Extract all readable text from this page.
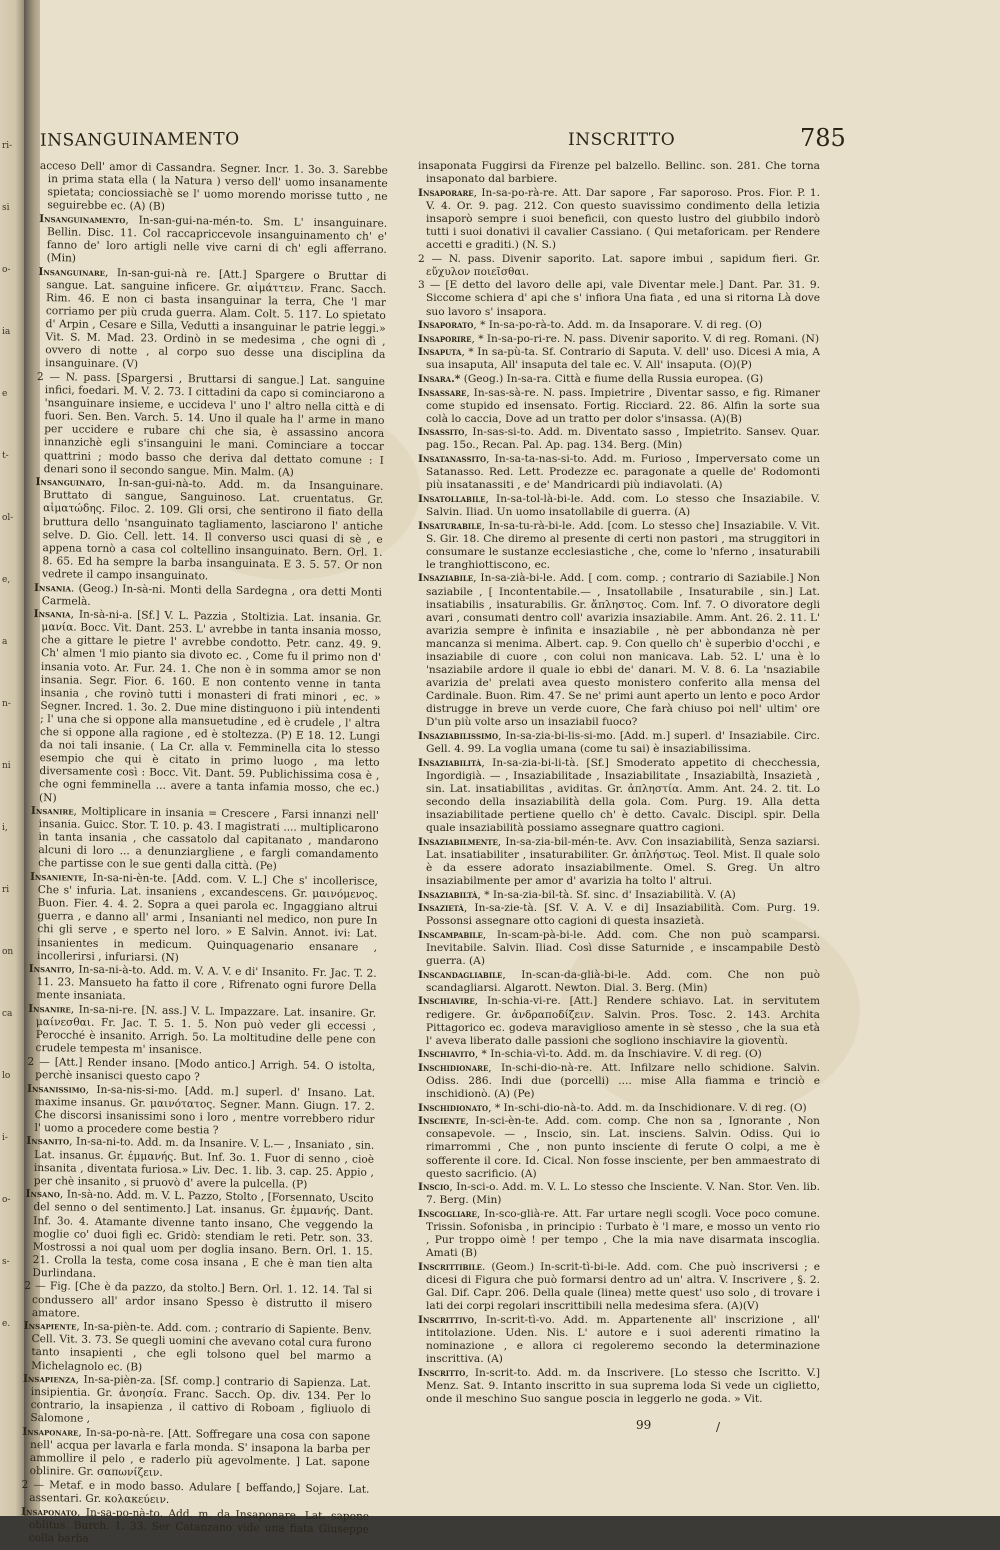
ri-
si
o-
ia
e
t-
ol-
e,
a
n-
ni
i,
ri
on
ca
lo
i-
o-
s-
e.
INSANGUINAMENTO	INSCRITTO	785

acceso Dell' amor di Cassandra. Segner. Incr. 1. 3o. 3. Sarebbe in prima stata ella ( la Natura ) verso dell' uomo insanamente spietata; conciossiachè se l' uomo morendo morisse tutto , ne seguirebbe ec. (A) (B)

Insanguinamento, In-san-gui-na-mén-to. Sm. L' insanguinare. Bellin. Disc. 11. Col raccapriccevole insanguinamento ch' e' fanno de' loro artigli nelle vive carni di ch' egli afferrano. (Min)

Insanguinare, In-san-gui-nà re. [Att.] Spargere o Bruttar di sangue. Lat. sanguine inficere. Gr. αἱμάττειν. Franc. Sacch. Rim. 46. E non ci basta insanguinar la terra, Che 'l mar corriamo per più cruda guerra. Alam. Colt. 5. 117. Lo spietato d' Arpin , Cesare e Silla, Vedutti a insanguinar le patrie leggi.» Vit. S. M. Mad. 23. Ordinò in se medesima , che ogni dì , ovvero di notte , al corpo suo desse una disciplina da insanguinare. (V)

2 — N. pass. [Spargersi , Bruttarsi di sangue.] Lat. sanguine infici, foedari. M. V. 2. 73. I cittadini da capo si cominciarono a 'nsanguinare insieme, e uccideva l' uno l' altro nella città e di fuori. Sen. Ben. Varch. 5. 14. Uno il quale ha l' arme in mano per uccidere e rubare chi che sia, è assassino ancora innanzichè egli s'insanguini le mani. Cominciare a toccar quattrini ; modo basso che deriva dal dettato comune : I denari sono il secondo sangue. Min. Malm. (A)

Insanguinato, In-san-gui-nà-to. Add. m. da Insanguinare. Bruttato di sangue, Sanguinoso. Lat. cruentatus. Gr. αἱματώδης. Filoc. 2. 109. Gli orsi, che sentirono il fiato della bruttura dello 'nsanguinato tagliamento, lasciarono l' antiche selve. D. Gio. Cell. lett. 14. Il converso usci quasi di sè , e appena tornò a casa col coltellino insanguinato. Bern. Orl. 1. 8. 65. Ed ha sempre la barba insanguinata. E 3. 5. 57. Or non vedrete il campo insanguinato.

Insania. (Geog.) In-sà-ni. Monti della Sardegna , ora detti Monti Carmelà.

Insania, In-sà-ni-a. [Sf.] V. L. Pazzia , Stoltizia. Lat. insania. Gr. μανία. Bocc. Vit. Dant. 253. L' avrebbe in tanta insania mosso, che a gittare le pietre l' avrebbe condotto. Petr. canz. 49. 9. Ch' almen 'l mio pianto sia divoto ec. , Come fu il primo non d' insania voto. Ar. Fur. 24. 1. Che non è in somma amor se non insania. Segr. Fior. 6. 160. E non contento venne in tanta insania , che rovinò tutti i monasteri di frati minori , ec. » Segner. Incred. 1. 3o. 2. Due mine distinguono i più intendenti ; l' una che si oppone alla mansuetudine , ed è crudele , l' altra che si oppone alla ragione , ed è stoltezza. (P) E 18. 12. Lungi da noi tali insanie. ( La Cr. alla v. Femminella cita lo stesso esempio che qui è citato in primo luogo , ma letto diversamente così : Bocc. Vit. Dant. 59. Publichissima cosa è , che ogni femminella ... avere a tanta infamia mosso, che ec.) (N)

Insanire, Moltiplicare in insania = Crescere , Farsi innanzi nell' insania. Guicc. Stor. T. 10. p. 43. I magistrati .... multiplicarono in tanta insania , che cassatolo dal capitanato , mandarono alcuni di loro ... a denunziargliene , e fargli comandamento che partisse con le sue genti dalla città. (Pe)

Insaniente, In-sa-ni-èn-te. [Add. com. V. L.] Che s' incollerisce, Che s' infuria. Lat. insaniens , excandescens. Gr. μαινόμενος. Buon. Fier. 4. 4. 2. Sopra a quei parola ec. Ingaggiano altrui guerra , e danno all' armi , Insanianti nel medico, non pure In chi gli serve , e sperto nel loro. » E Salvin. Annot. ivi: Lat. insanientes in medicum. Quinquagenario ensanare , incollerirsi , infuriarsi. (N)

Insanito, In-sa-ni-à-to. Add. m. V. A. V. e di' Insanito. Fr. Jac. T. 2. 11. 23. Mansueto ha fatto il core , Rifrenato ogni furore Della mente insaniata.

Insanire, In-sa-ni-re. [N. ass.] V. L. Impazzare. Lat. insanire. Gr. μαίνεσθαι. Fr. Jac. T. 5. 1. 5. Non può veder gli eccessi , Perocché è insanito. Arrigh. 5o. La moltitudine delle pene con crudele tempesta m' insanisce.

2 — [Att.] Render insano. [Modo antico.] Arrigh. 54. O istolta, perchè insanisci questo capo ?

Insanissimo, In-sa-nis-si-mo. [Add. m.] superl. d' Insano. Lat. maxime insanus. Gr. μαινότατος. Segner. Mann. Giugn. 17. 2. Che discorsi insanissimi sono i loro , mentre vorrebbero ridur l' uomo a procedere come bestia ?

Insanito, In-sa-ni-to. Add. m. da Insanire. V. L.— , Insaniato , sin. Lat. insanus. Gr. ἐμμανής. But. Inf. 3o. 1. Fuor di senno , cioè insanita , diventata furiosa.» Liv. Dec. 1. lib. 3. cap. 25. Appio , per chè insanito , si pruovò d' avere la pulcella. (P)

Insano, In-sà-no. Add. m. V. L. Pazzo, Stolto , [Forsennato, Uscito del senno o del sentimento.] Lat. insanus. Gr. ἐμμανής. Dant. Inf. 3o. 4. Atamante divenne tanto insano, Che veggendo la moglie co' duoi figli ec. Gridò: stendiam le reti. Petr. son. 33. Mostrossi a noi qual uom per doglia insano. Bern. Orl. 1. 15. 21. Crolla la testa, come cosa insana , E che è man tien alta Durlindana.

2 — Fig. [Che è da pazzo, da stolto.] Bern. Orl. 1. 12. 14. Tal si condussero all' ardor insano Spesso è distrutto il misero amatore.

Insapiente, In-sa-pièn-te. Add. com. ; contrario di Sapiente. Benv. Cell. Vit. 3. 73. Se quegli uomini che avevano cotal cura furono tanto insapienti , che egli tolsono quel bel marmo a Michelagnolo ec. (B)

Insapienza, In-sa-pièn-za. [Sf. comp.] contrario di Sapienza. Lat. insipientia. Gr. ἀνοησία. Franc. Sacch. Op. div. 134. Per lo contrario, la insapienza , il cattivo di Roboam , figliuolo di Salomone ,

Insaponare, In-sa-po-nà-re. [Att. Soffregare una cosa con sapone nell' acqua per lavarla e farla monda. S' insapona la barba per ammollire il pelo , e raderlo più agevolmente. ] Lat. sapone oblinire. Gr. σαπωνίζειν.

2 — Metaf. e in modo basso. Adulare [ beffando,] Sojare. Lat. assentari. Gr. κολακεύειν.

Insaponato, In-sa-po-nà-to. Add. m. da Insaponare. Lat. sapone oblitus. Burch. 1. 33. Ser Catanzano vide una fiata Giuseppe colla barba

insaponata Fuggirsi da Firenze pel balzello. Bellinc. son. 281. Che torna insaponato dal barbiere.

Insaporare, In-sa-po-rà-re. Att. Dar sapore , Far saporoso. Pros. Fior. P. 1. V. 4. Or. 9. pag. 212. Con questo suavissimo condimento della letizia insaporò sempre i suoi beneficii, con questo lustro del giubbilo indorò tutti i suoi donativi il cavalier Cassiano. ( Qui metaforicam. per Rendere accetti e graditi.) (N. S.)

2 — N. pass. Divenir saporito. Lat. sapore imbui , sapidum fieri. Gr. εὔχυλον ποιεῖσθαι.

3 — [E detto del lavoro delle api, vale Diventar mele.] Dant. Par. 31. 9. Siccome schiera d' api che s' infiora Una fiata , ed una si ritorna Là dove suo lavoro s' insapora.

Insaporato, * In-sa-po-rà-to. Add. m. da Insaporare. V. di reg. (O)

Insaporire, * In-sa-po-ri-re. N. pass. Divenir saporito. V. di reg. Romani. (N)

Insaputa, * In sa-pù-ta. Sf. Contrario di Saputa. V. dell' uso. Dicesi A mia, A sua insaputa, All' insaputa del tale ec. V. All' insaputa. (O)(P)

Insara.* (Geog.) In-sa-ra. Città e fiume della Russia europea. (G)

Insassare, In-sas-sà-re. N. pass. Impietrire , Diventar sasso, e fig. Rimaner come stupido ed insensato. Fortig. Ricciard. 22. 86. Alfin la sorte sua colà lo caccia, Dove ad un tratto per dolor s'insassa. (A)(B)

Insassito, In-sas-si-to. Add. m. Diventato sasso , Impietrito. Sansev. Quar. pag. 15o., Recan. Pal. Ap. pag. 134. Berg. (Min)

Insatanassito, In-sa-ta-nas-si-to. Add. m. Furioso , Imperversato come un Satanasso. Red. Lett. Prodezze ec. paragonate a quelle de' Rodomonti più insatanassiti , e de' Mandricardi più indiavolati. (A)

Insatollabile, In-sa-tol-là-bi-le. Add. com. Lo stesso che Insaziabile. V. Salvin. Iliad. Un uomo insatollabile di guerra. (A)

Insaturabile, In-sa-tu-rà-bi-le. Add. [com. Lo stesso che] Insaziabile. V. Vit. S. Gir. 18. Che diremo al presente di certi non pastori , ma struggitori in consumare le sustanze ecclesiastiche , che, come lo 'nferno , insaturabili le tranghiottiscono, ec.

Insaziabile, In-sa-zià-bi-le. Add. [ com. comp. ; contrario di Saziabile.] Non saziabile , [ Incontentabile.— , Insatollabile , Insaturabile , sin.] Lat. insatiabilis , insaturabilis. Gr. ἄπληστος. Com. Inf. 7. O divoratore degli avari , consumati dentro coll' avarizia insaziabile. Amm. Ant. 26. 2. 11. L' avarizia sempre è infinita e insaziabile , nè per abbondanza nè per mancanza si menima. Albert. cap. 9. Con quello ch' è superbio d'occhi , e insaziabile di cuore , con colui non manicava. Lab. 52. L' una è lo 'nsaziabile ardore il quale io ebbi de' danari. M. V. 8. 6. La 'nsaziabile avarizia de' prelati avea questo monistero conferito alla mensa del Cardinale. Buon. Rim. 47. Se ne' primi aunt aperto un lento e poco Ardor distrugge in breve un verde cuore, Che farà chiuso poi nell' ultim' ore D'un più volte arso un insaziabil fuoco?

Insaziabilissimo, In-sa-zia-bi-lis-si-mo. [Add. m.] superl. d' Insaziabile. Circ. Gell. 4. 99. La voglia umana (come tu sai) è insaziabilissima.

Insaziabilità, In-sa-zia-bi-li-tà. [Sf.] Smoderato appetito di checchessia, Ingordigià. — , Insaziabilitade , Insaziabilitate , Insaziabiltà, Insazietà , sin. Lat. insatiabilitas , aviditas. Gr. ἀπληστία. Amm. Ant. 24. 2. tit. Lo secondo della insaziabilità della gola. Com. Purg. 19. Alla detta insaziabilitade pertiene quello ch' è detto. Cavalc. Discipl. spir. Della quale insaziabilità possiamo assegnare quattro cagioni.

Insaziabilmente, In-sa-zia-bil-mén-te. Avv. Con insaziabilità, Senza saziarsi. Lat. insatiabiliter , insaturabiliter. Gr. ἀπλήστως. Teol. Mist. Il quale solo è da essere adorato insaziabilmente. Omel. S. Greg. Un altro insaziabilmente per amor d' avarizia ha tolto l' altrui.

Insaziabiltà, * In-sa-zia-bil-tà. Sf. sinc. d' Insaziabilità. V. (A)

Insazietà, In-sa-zie-tà. [Sf. V. A. V. e di] Insaziabilità. Com. Purg. 19. Possonsi assegnare otto cagioni di questa insazietà.

Inscampabile, In-scam-pà-bi-le. Add. com. Che non può scamparsi. Inevitabile. Salvin. Iliad. Così disse Saturnide , e inscampabile Destò guerra. (A)

Inscandagliabile, In-scan-da-glià-bi-le. Add. com. Che non può scandagliarsi. Algarott. Newton. Dial. 3. Berg. (Min)

Inschiavire, In-schia-vi-re. [Att.] Rendere schiavo. Lat. in servitutem redigere. Gr. ἀνδραποδίζειν. Salvin. Pros. Tosc. 2. 143. Archita Pittagorico ec. godeva maraviglioso amente in sè stesso , che la sua età l' aveva liberato dalle passioni che sogliono inschiavire la gioventù.

Inschiavito, * In-schia-vì-to. Add. m. da Inschiavire. V. di reg. (O)

Inschidionare, In-schi-dio-nà-re. Att. Infilzare nello schidione. Salvin. Odiss. 286. Indi due (porcelli) .... mise Alla fiamma e trinciò e inschidionò. (A) (Pe)

Inschidionato, * In-schi-dio-nà-to. Add. m. da Inschidionare. V. di reg. (O)

Insciente, In-sci-èn-te. Add. com. comp. Che non sa , Ignorante , Non consapevole. — , Inscio, sin. Lat. insciens. Salvin. Odiss. Qui io rimarrommi , Che , non punto insciente di ferute O colpi, a me è sofferente il core. Id. Cical. Non fosse insciente, per ben ammaestrato di questo sacrificio. (A)

Inscio, In-sci-o. Add. m. V. L. Lo stesso che Insciente. V. Nan. Stor. Ven. lib. 7. Berg. (Min)

Inscogliare, In-sco-glià-re. Att. Far urtare negli scogli. Voce poco comune. Trissin. Sofonisba , in principio : Turbato è 'l mare, e mosso un vento rio , Pur troppo oimè ! per tempo , Che la mia nave disarmata inscoglia. Amati (B)

Inscrittibile. (Geom.) In-scrit-tì-bi-le. Add. com. Che può inscriversi ; e dicesi di Figura che può formarsi dentro ad un' altra. V. Inscrivere , §. 2. Gal. Dif. Capr. 206. Della quale (linea) mette quest' uso solo , di trovare i lati dei corpi regolari inscrittibili nella medesima sfera. (A)(V)

Inscrittivo, In-scrit-tì-vo. Add. m. Appartenente all' inscrizione , all' intitolazione. Uden. Nis. L' autore e i suoi aderenti rimatino la nominazione , e allora ci regoleremo secondo la determinazione inscrittiva. (A)

Inscritto, In-scrit-to. Add. m. da Inscrivere. [Lo stesso che Iscritto. V.] Menz. Sat. 9. Intanto inscritto in sua suprema loda Si vede un ciglietto, onde il meschino Suo sangue poscia in leggerlo ne goda. » Vit.

99	/
